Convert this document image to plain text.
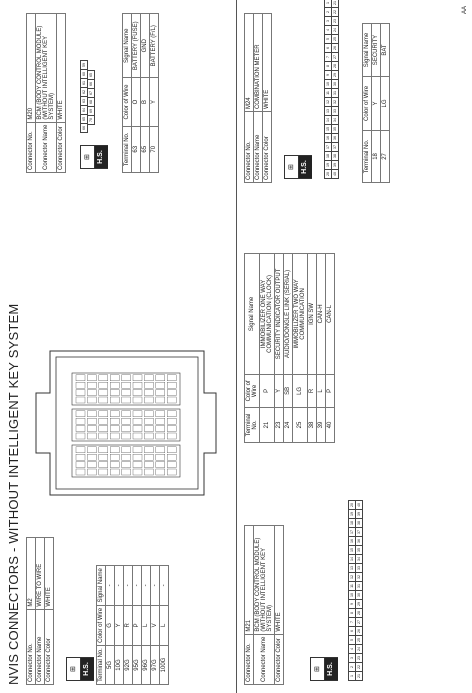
NVIS CONNECTORS - WITHOUT INTELLIGENT KEY SYSTEM Connector No.	M2
Connector Name	WIRE TO WIRE
Connector Color	WHITE
⊞ H.S.	Terminal No.	Color of Wire	Signal Name
5G	G	-
10G	Y	-
92G	R	-
95G	P	-
96G	L	-
97G	V	-
100G	L	-
Connector No.	M20
Connector Name	BCM (BODY CONTROL MODULE) (WITHOUT INTELLIGENT KEY SYSTEM)
Connector Color	WHITE
⊞ H.S.
66
65
64
63
62
61
60
59
70
69
68
67
66
65
Terminal No.	Color of Wire	Signal Name
63	O	BATTERY (FUSE)
65	B	GND
70	Y	BATTERY (F/L)
Connector No.	M21
Connector Name	BCM (BODY CONTROL MODULE) (WITHOUT INTELLIGENT KEY SYSTEM)
Connector Color	WHITE
⊞ H.S.
1
2
3
4
5
6
7
8
9
10
11
12
13
14
15
16
17
18
19
20
21
22
23
24
25
26
27
28
29
30
31
32
33
34
35
36
37
38
39
40
Terminal No.	Color of Wire	Signal Name
21	P	IMMOBILIZER ONE WAY COMMUNICATION (CLOCK)
23	Y	SECURITY INDICATOR OUTPUT
24	SB	AUDIO/DONGLE LINK (SERIAL)
25	LG	IMMOBILIZER TWO WAY COMMUNICATION
38	R	IGN SW
39	L	CAN-H
40	P	CAN-L
Connector No.	M24
Connector Name	COMBINATION METER
Connector Color	WHITE
⊞ H.S.
20
19
18
17
16
15
14
13
12
11
10
9
8
7
6
5
4
3
2
1
40
39
38
37
36
35
34
33
32
31
30
29
28
27
26
25
24
23
22
21
Terminal No.	Color of Wire	Signal Name
18	Y	SECURITY
27	LG	BAT
AA
